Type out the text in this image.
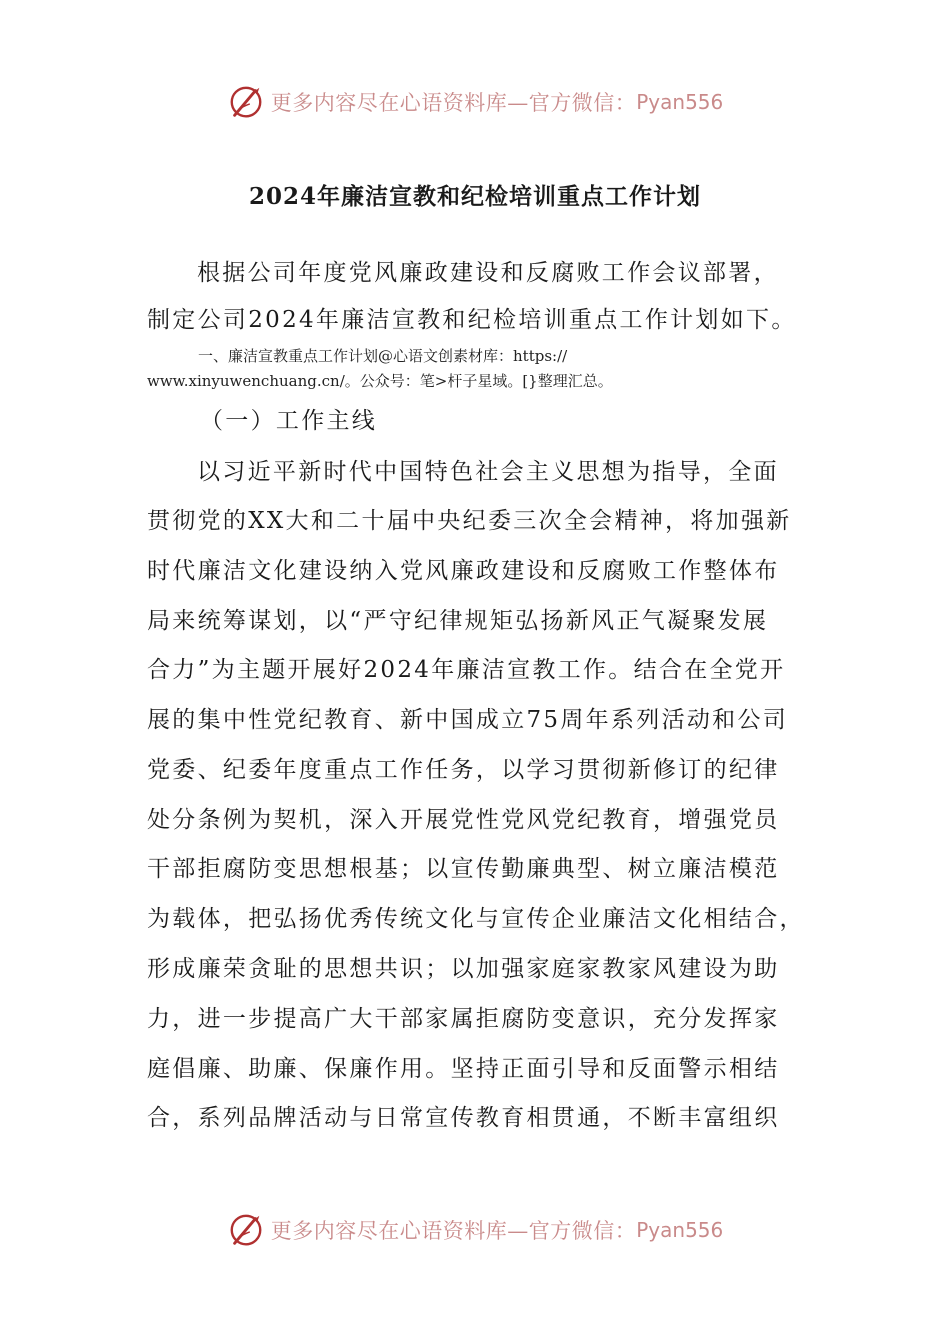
更多内容尽在心语资料库—官方微信： Pyan556
2024年廉洁宣教和纪检培训重点工作计划
根据公司年度党风廉政建设和反腐败工作会议部署，
制定公司2024年廉洁宣教和纪检培训重点工作计划如下。
一、廉洁宣教重点工作计划@心语文创素材库：https://
www.xinyuwenchuang.cn/。公众号：笔>杆子星域。[}整理汇总。
（一）工作主线
以习近平新时代中国特色社会主义思想为指导，全面
贯彻党的XX大和二十届中央纪委三次全会精神，将加强新
时代廉洁文化建设纳入党风廉政建设和反腐败工作整体布
局来统筹谋划，以“严守纪律规矩弘扬新风正气凝聚发展
合力”为主题开展好2024年廉洁宣教工作。结合在全党开
展的集中性党纪教育、新中国成立75周年系列活动和公司
党委、纪委年度重点工作任务，以学习贯彻新修订的纪律
处分条例为契机，深入开展党性党风党纪教育，增强党员
干部拒腐防变思想根基；以宣传勤廉典型、树立廉洁模范
为载体，把弘扬优秀传统文化与宣传企业廉洁文化相结合，
形成廉荣贪耻的思想共识；以加强家庭家教家风建设为助
力，进一步提高广大干部家属拒腐防变意识，充分发挥家
庭倡廉、助廉、保廉作用。坚持正面引导和反面警示相结
合，系列品牌活动与日常宣传教育相贯通，不断丰富组织
更多内容尽在心语资料库—官方微信： Pyan556
